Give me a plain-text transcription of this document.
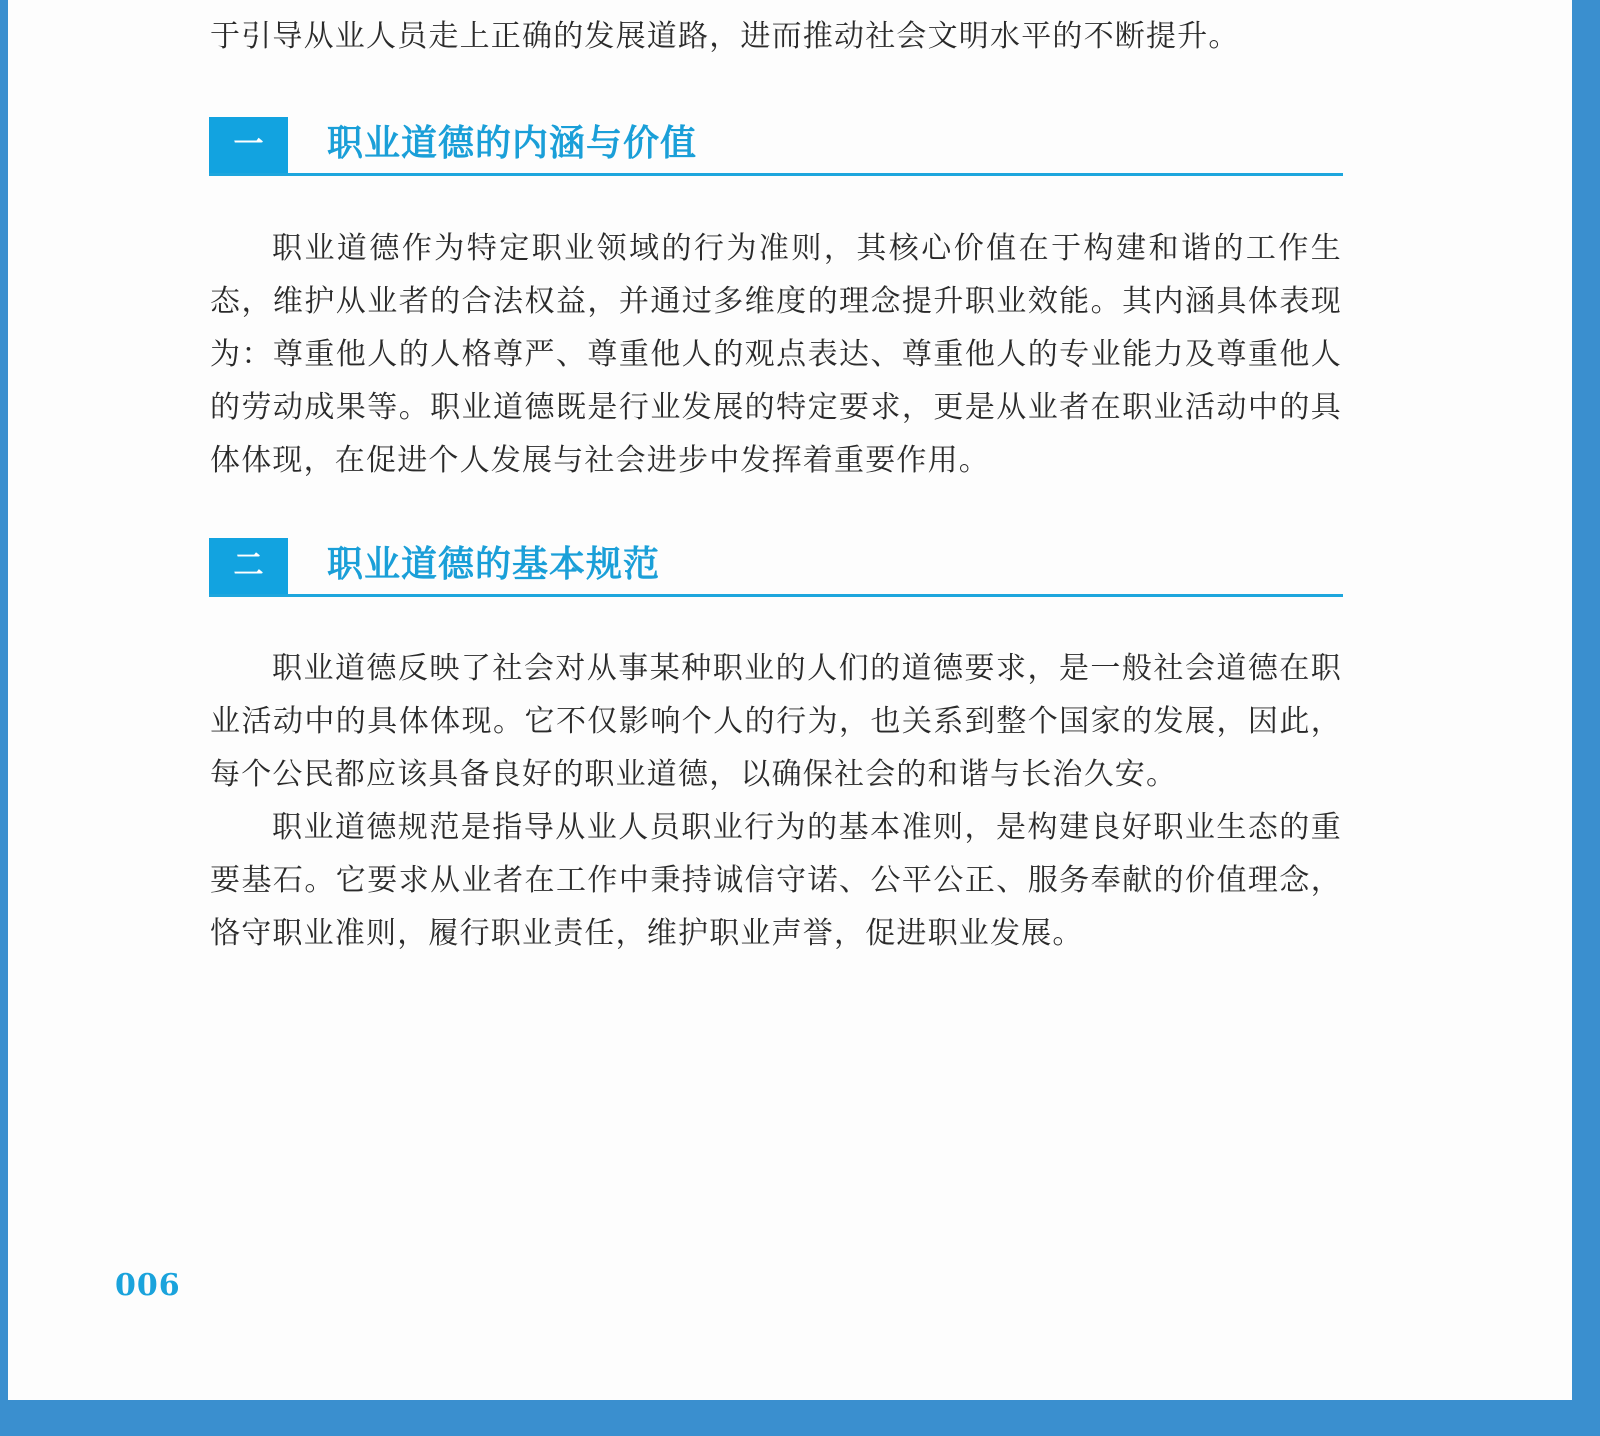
于引导从业人员走上正确的发展道路，进而推动社会文明水平的不断提升。

一	职业道德的内涵与价值

职业道德作为特定职业领域的行为准则，其核心价值在于构建和谐的工作生态，维护从业者的合法权益，并通过多维度的理念提升职业效能。其内涵具体表现为：尊重他人的人格尊严、尊重他人的观点表达、尊重他人的专业能力及尊重他人的劳动成果等。职业道德既是行业发展的特定要求，更是从业者在职业活动中的具体体现，在促进个人发展与社会进步中发挥着重要作用。

二	职业道德的基本规范

职业道德反映了社会对从事某种职业的人们的道德要求，是一般社会道德在职业活动中的具体体现。它不仅影响个人的行为，也关系到整个国家的发展，因此，每个公民都应该具备良好的职业道德，以确保社会的和谐与长治久安。

职业道德规范是指导从业人员职业行为的基本准则，是构建良好职业生态的重要基石。它要求从业者在工作中秉持诚信守诺、公平公正、服务奉献的价值理念，恪守职业准则，履行职业责任，维护职业声誉，促进职业发展。

006
